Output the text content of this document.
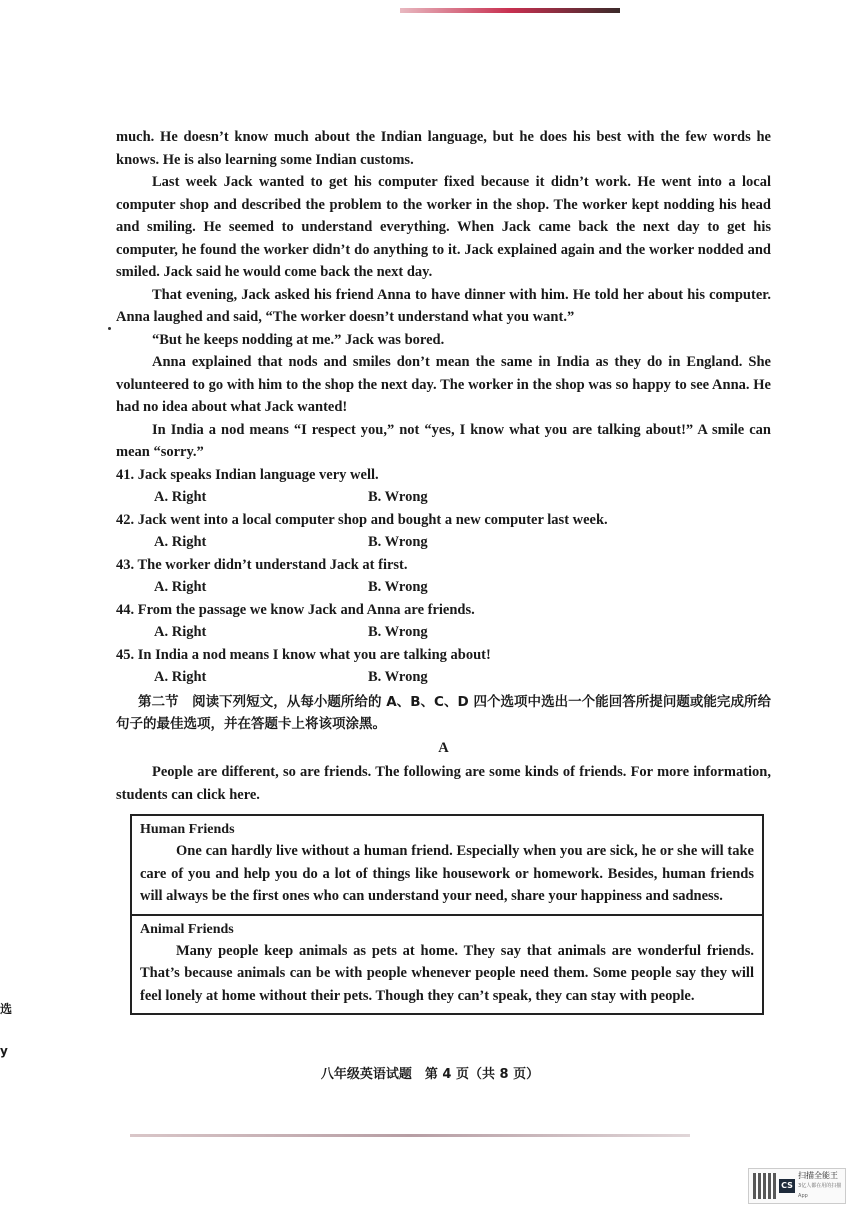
much. He doesn’t know much about the Indian language, but he does his best with the few words he knows. He is also learning some Indian customs.

Last week Jack wanted to get his computer fixed because it didn’t work. He went into a local computer shop and described the problem to the worker in the shop. The worker kept nodding his head and smiling. He seemed to understand everything. When Jack came back the next day to get his computer, he found the worker didn’t do anything to it. Jack explained again and the worker nodded and smiled. Jack said he would come back the next day.

That evening, Jack asked his friend Anna to have dinner with him. He told her about his computer. Anna laughed and said, “The worker doesn’t understand what you want.”

“But he keeps nodding at me.” Jack was bored.

Anna explained that nods and smiles don’t mean the same in India as they do in England. She volunteered to go with him to the shop the next day. The worker in the shop was so happy to see Anna. He had no idea about what Jack wanted!

In India a nod means “I respect you,” not “yes, I know what you are talking about!” A smile can mean “sorry.”

41. Jack speaks Indian language very well.

A. Right	B. Wrong

42. Jack went into a local computer shop and bought a new computer last week.

A. Right	B. Wrong

43. The worker didn’t understand Jack at first.

A. Right	B. Wrong

44. From the passage we know Jack and Anna are friends.

A. Right	B. Wrong

45. In India a nod means I know what you are talking about!

A. Right	B. Wrong

第二节　阅读下列短文，从每小题所给的 A、B、C、D 四个选项中选出一个能回答所提问题或能完成所给句子的最佳选项，并在答题卡上将该项涂黑。

A

People are different, so are friends. The following are some kinds of friends. For more information, students can click here.

Human Friends

One can hardly live without a human friend. Especially when you are sick, he or she will take care of you and help you do a lot of things like housework or homework. Besides, human friends will always be the first ones who can understand your need, share your happiness and sadness.

Animal Friends

Many people keep animals as pets at home. They say that animals are wonderful friends. That’s because animals can be with people whenever people need them. Some people say they will feel lonely at home without their pets. Though they can’t speak, they can stay with people.

选
y
八年级英语试题　第 4 页（共 8 页）
CS
扫描全能王
3亿人都在用的扫描App
